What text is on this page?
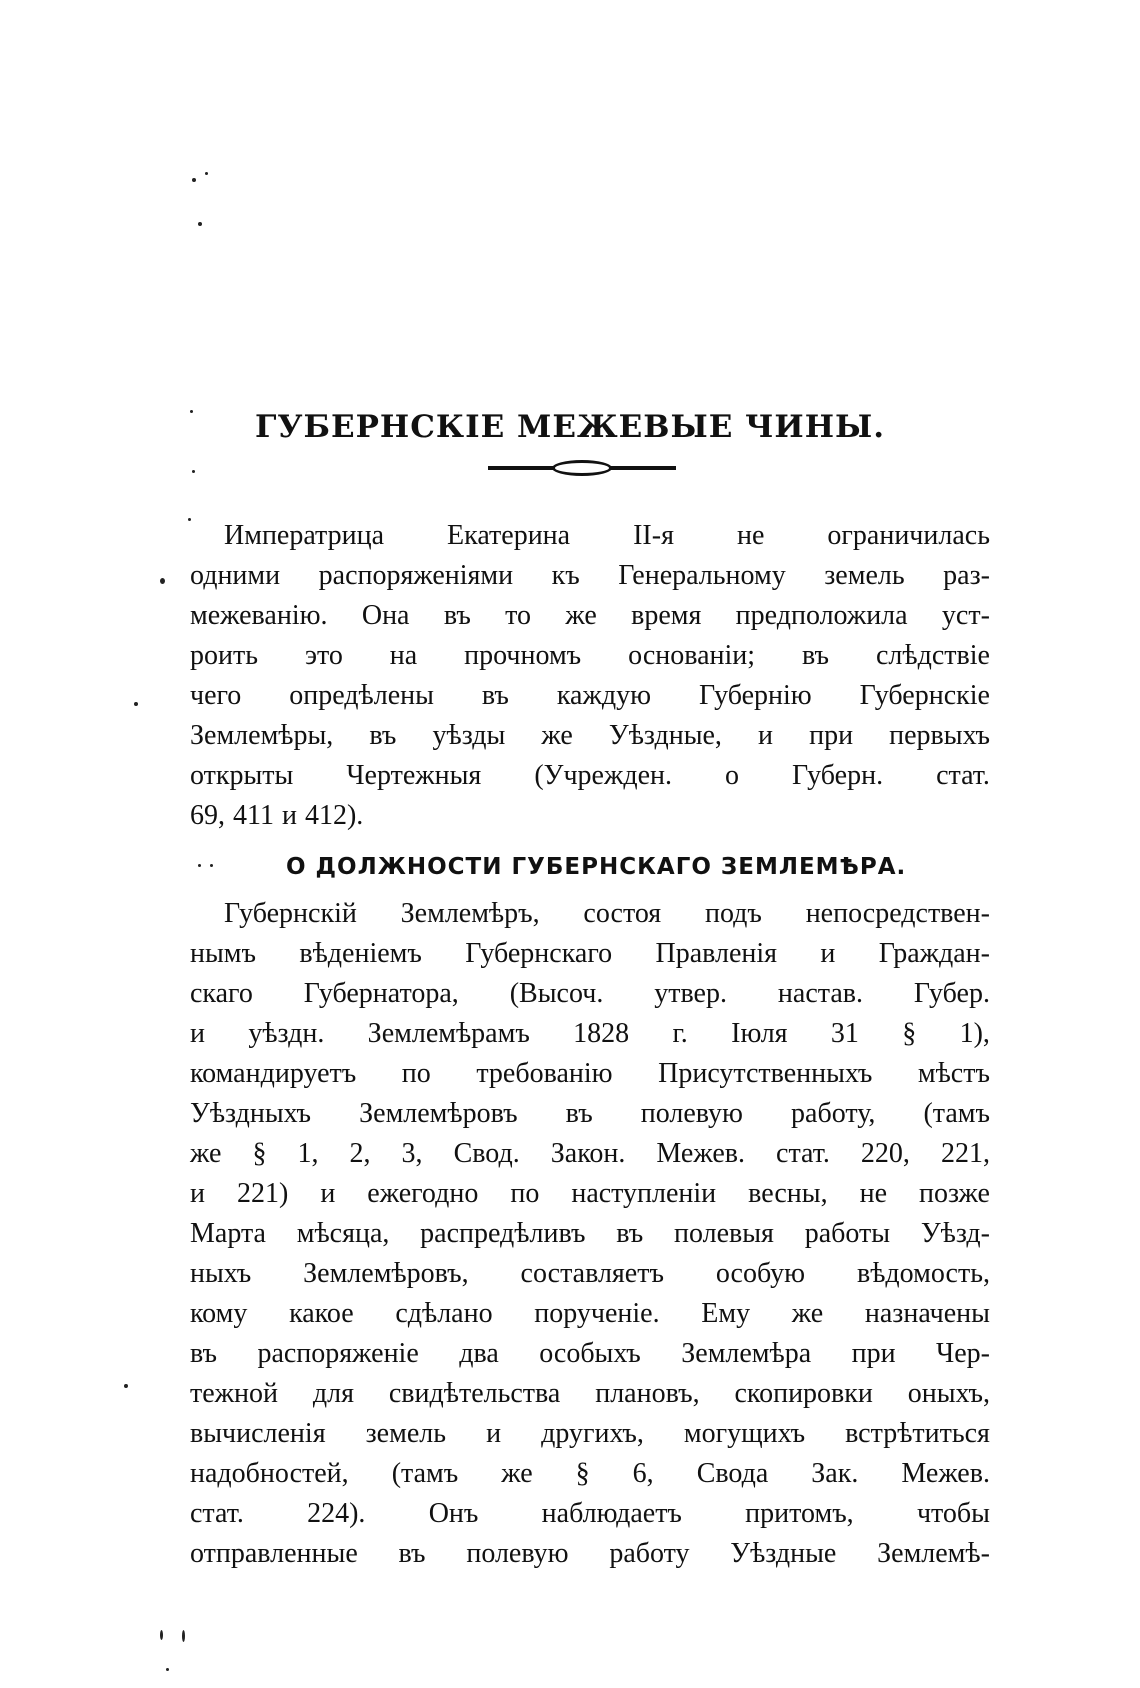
ГУБЕРНСКІЕ МЕЖЕВЫЕ ЧИНЫ.
Императрица Екатерина II-я не ограничилась
одними распоряженіями къ Генеральному земель раз-
межеванію. Она въ то же время предположила уст-
роить это на прочномъ основаніи; въ слѣдствіе
чего опредѣлены въ каждую Губернію Губернскіе
Землемѣры, въ уѣзды же Уѣздные, и при первыхъ
открыты Чертежныя (Учрежден. о Губерн. стат.
69, 411 и 412).
О ДОЛЖНОСТИ ГУБЕРНСКАГО ЗЕМЛЕМѢРА.
Губернскій Землемѣръ, состоя подъ непосредствен-
нымъ вѣденіемъ Губернскаго Правленія и Граждан-
скаго Губернатора, (Высоч. утвер. настав. Губер.
и уѣздн. Землемѣрамъ 1828 г. Іюля 31 § 1),
командируетъ по требованію Присутственныхъ мѣстъ
Уѣздныхъ Землемѣровъ въ полевую работу, (тамъ
же § 1, 2, 3, Свод. Закон. Межев. стат. 220, 221,
и 221) и ежегодно по наступленіи весны, не позже
Марта мѣсяца, распредѣливъ въ полевыя работы Уѣзд-
ныхъ Землемѣровъ, составляетъ особую вѣдомость,
кому какое сдѣлано порученіе. Ему же назначены
въ распоряженіе два особыхъ Землемѣра при Чер-
тежной для свидѣтельства плановъ, скопировки оныхъ,
вычисленія земель и другихъ, могущихъ встрѣтиться
надобностей, (тамъ же § 6, Свода Зак. Межев.
стат. 224). Онъ наблюдаетъ притомъ, чтобы
отправленные въ полевую работу Уѣздные Землемѣ-
